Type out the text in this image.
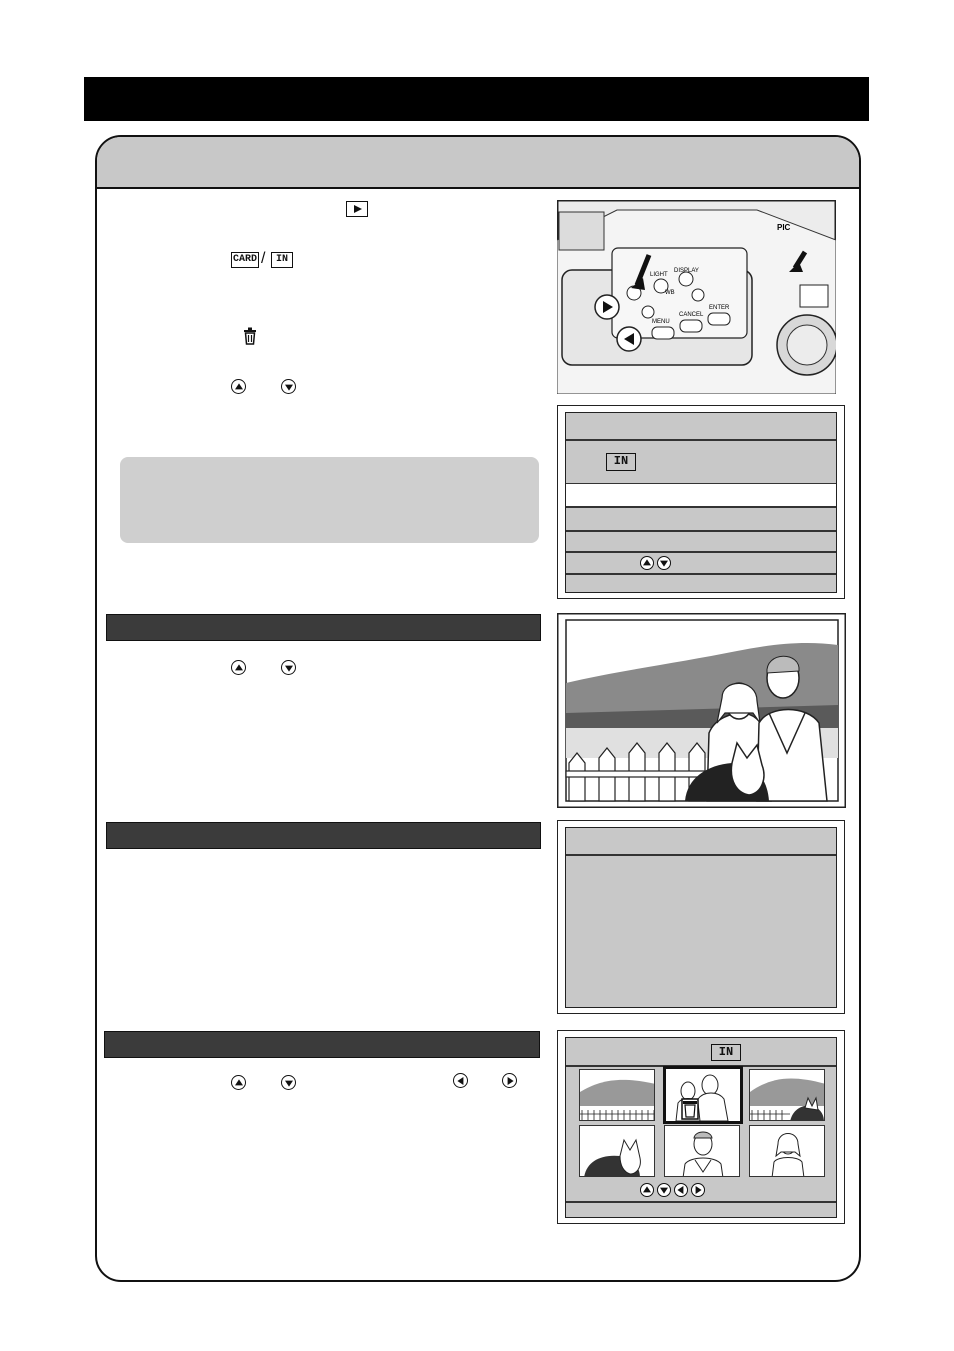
CARD /	IN
MENU
CANCEL
ENTER
DISPLAY
LIGHT
WB
PIC
IN
IN
